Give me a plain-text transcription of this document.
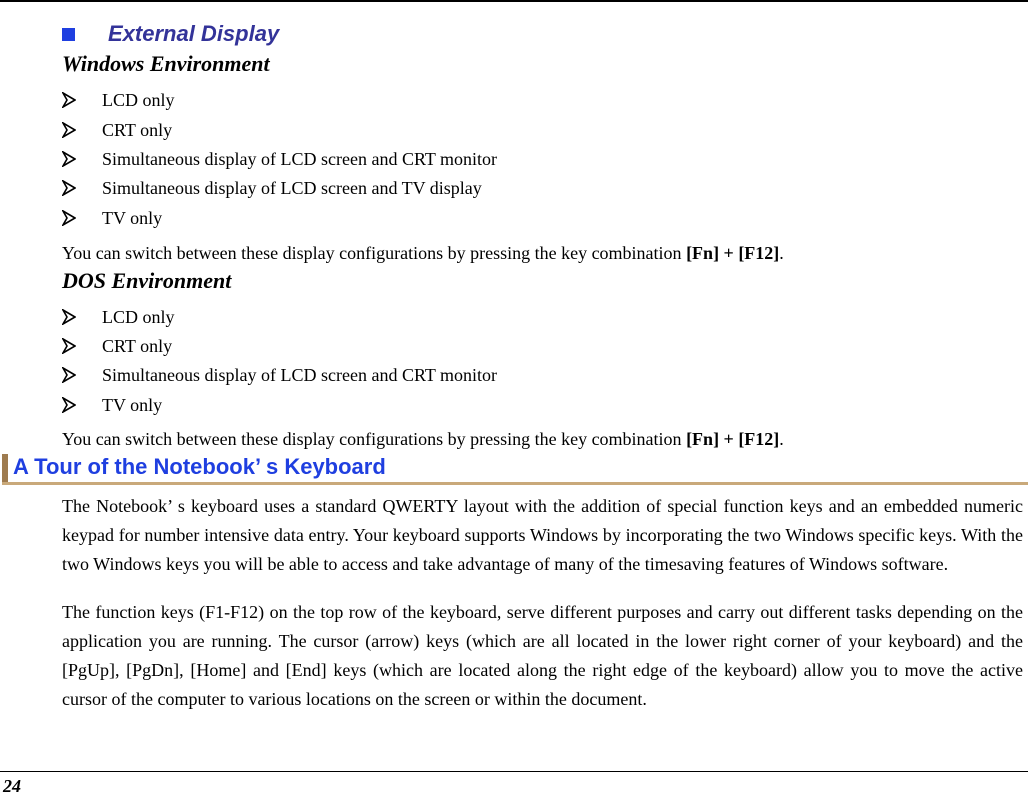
External Display
Windows Environment
LCD only
CRT only
Simultaneous display of LCD screen and CRT monitor
Simultaneous display of LCD screen and TV display
TV only
You can switch between these display configurations by pressing the key combination [Fn] + [F12].
DOS Environment
LCD only
CRT only
Simultaneous display of LCD screen and CRT monitor
TV only
You can switch between these display configurations by pressing the key combination [Fn] + [F12].
A Tour of the Notebook’ s Keyboard
The Notebook’ s keyboard uses a standard QWERTY layout with the addition of special function keys and an embedded numeric keypad for number intensive data entry. Your keyboard supports Windows by incorporating the two Windows specific keys. With the two Windows keys you will be able to access and take advantage of many of the timesaving features of Windows software.
The function keys (F1-F12) on the top row of the keyboard, serve different purposes and carry out different tasks depending on the application you are running. The cursor (arrow) keys (which are all located in the lower right corner of your keyboard) and the [PgUp], [PgDn], [Home] and [End] keys (which are located along the right edge of the keyboard) allow you to move the active cursor of the computer to various locations on the screen or within the document.
24
